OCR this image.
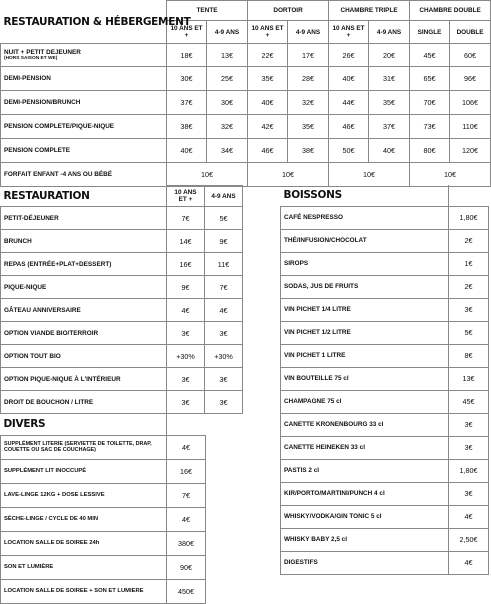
RESTAURATION & HÉBERGEMENT	TENTE		DORTOIR		CHAMBRE TRIPLE		CHAMBRE DOUBLE	
	10 ANS ET +	4-9 ANS	10 ANS ET +	4-9 ANS	10 ANS ET +	4-9 ANS	SINGLE	DOUBLE
NUIT + PETIT DEJEUNER
(HORS SAISON ET WE)	18€	13€	22€	17€	26€	20€	45€	60€
DEMI-PENSION	30€	25€	35€	28€	40€	31€	65€	96€
DEMI-PENSION/BRUNCH	37€	30€	40€	32€	44€	35€	70€	106€
PENSION COMPLETE/PIQUE-NIQUE	38€	32€	42€	35€	46€	37€	73€	110€
PENSION COMPLETE	40€	34€	46€	38€	50€	40€	80€	120€
FORFAIT ENFANT -4 ANS OU BÉBÉ	10€		10€		10€		10€	
RESTAURATION	10 ANS ET +	4-9 ANS
PETIT-DÉJEUNER	7€	5€
BRUNCH	14€	9€
REPAS (ENTRÉE+PLAT+DESSERT)	16€	11€
PIQUE-NIQUE	9€	7€
GÂTEAU ANNIVERSAIRE	4€	4€
OPTION VIANDE BIO/TERROIR	3€	3€
OPTION TOUT BIO	+30%	+30%
OPTION PIQUE-NIQUE À L'INTÉRIEUR	3€	3€
DROIT DE BOUCHON / LITRE	3€	3€
BOISSONS	
CAFÉ NESPRESSO	1,80€
THÉ/INFUSION/CHOCOLAT	2€
SIROPS	1€
SODAS, JUS DE FRUITS	2€
VIN PICHET 1/4 LITRE	3€
VIN PICHET 1/2 LITRE	5€
VIN PICHET 1 LITRE	8€
VIN BOUTEILLE 75 cl	13€
CHAMPAGNE 75 cl	45€
CANETTE KRONENBOURG 33 cl	3€
CANETTE HEINEKEN 33 cl	3€
PASTIS 2 cl	1,80€
KIR/PORTO/MARTINI/PUNCH 4 cl	3€
WHISKY/VODKA/GIN TONIC 5 cl	4€
WHISKY BABY 2,5 cl	2,50€
DIGESTIFS	4€
DIVERS	
SUPPLÉMENT LITERIE (SERVIETTE DE TOILETTE, DRAP, COUETTE OU SAC DE COUCHAGE)	4€
SUPPLÉMENT LIT INOCCUPÉ	16€
LAVE-LINGE 12KG + DOSE LESSIVE	7€
SÈCHE-LINGE / CYCLE DE 40 MIN	4€
LOCATION SALLE DE SOIREE 24h	380€
SON ET LUMIÈRE	90€
LOCATION SALLE DE SOIREE + SON ET LUMIERE	450€
